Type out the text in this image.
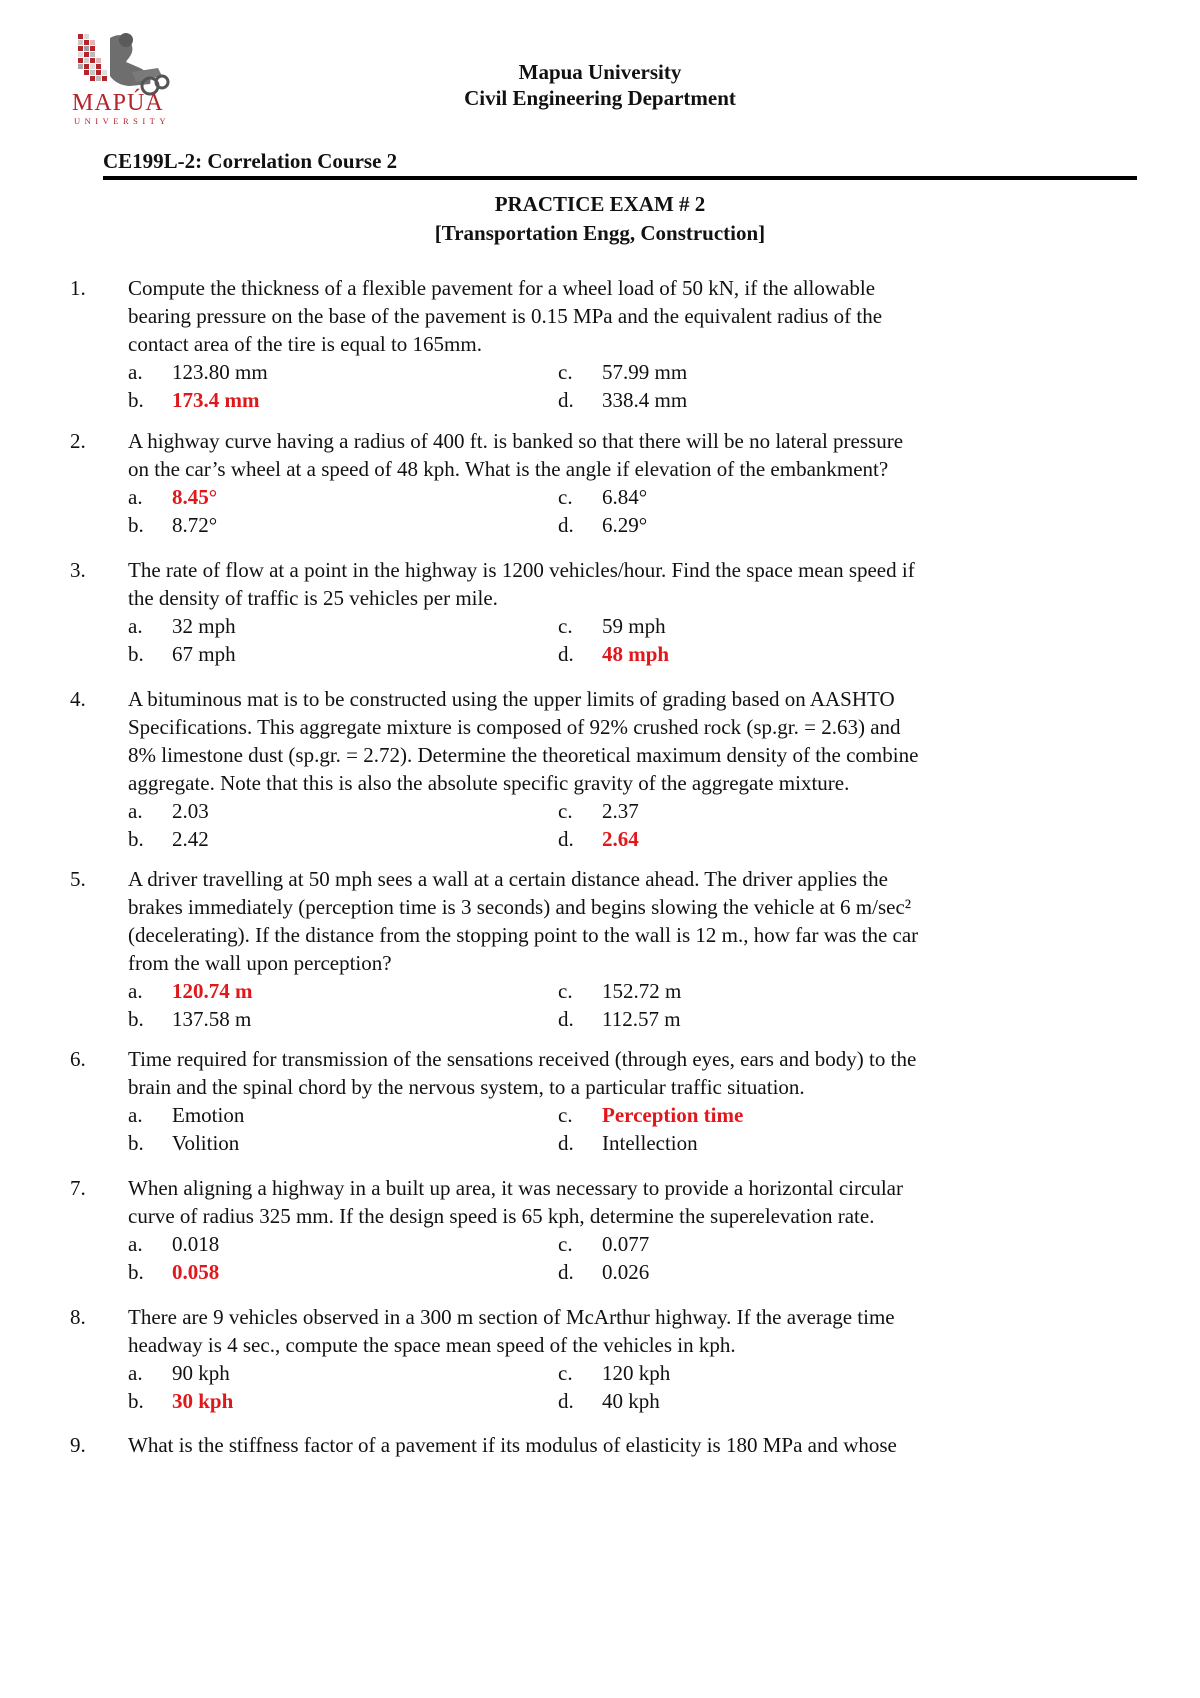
MAPÚA
UNIVERSITY
Mapua University
Civil Engineering Department
CE199L-2: Correlation Course 2
PRACTICE EXAM # 2
[Transportation Engg, Construction]
1. Compute the thickness of a flexible pavement for a wheel load of 50 kN, if the allowable
bearing pressure on the base of the pavement is 0.15 MPa and the equivalent radius of the
contact area of the tire is equal to 165mm.
a. 123.80 mm	c. 57.99 mm
b. 173.4 mm	d. 338.4 mm
2. A highway curve having a radius of 400 ft. is banked so that there will be no lateral pressure
on the car’s wheel at a speed of 48 kph. What is the angle if elevation of the embankment?
a. 8.45°	c. 6.84°
b. 8.72°	d. 6.29°
3. The rate of flow at a point in the highway is 1200 vehicles/hour. Find the space mean speed if
the density of traffic is 25 vehicles per mile.
a. 32 mph	c. 59 mph
b. 67 mph	d. 48 mph
4. A bituminous mat is to be constructed using the upper limits of grading based on AASHTO
Specifications. This aggregate mixture is composed of 92% crushed rock (sp.gr. = 2.63) and
8% limestone dust (sp.gr. = 2.72). Determine the theoretical maximum density of the combine
aggregate. Note that this is also the absolute specific gravity of the aggregate mixture.
a. 2.03	c. 2.37
b. 2.42	d. 2.64
5. A driver travelling at 50 mph sees a wall at a certain distance ahead. The driver applies the
brakes immediately (perception time is 3 seconds) and begins slowing the vehicle at 6 m/sec²
(decelerating). If the distance from the stopping point to the wall is 12 m., how far was the car
from the wall upon perception?
a. 120.74 m	c. 152.72 m
b. 137.58 m	d. 112.57 m
6. Time required for transmission of the sensations received (through eyes, ears and body) to the
brain and the spinal chord by the nervous system, to a particular traffic situation.
a. Emotion	c. Perception time
b. Volition	d. Intellection
7. When aligning a highway in a built up area, it was necessary to provide a horizontal circular
curve of radius 325 mm. If the design speed is 65 kph, determine the superelevation rate.
a. 0.018	c. 0.077
b. 0.058	d. 0.026
8. There are 9 vehicles observed in a 300 m section of McArthur highway. If the average time
headway is 4 sec., compute the space mean speed of the vehicles in kph.
a. 90 kph	c. 120 kph
b. 30 kph	d. 40 kph
9. What is the stiffness factor of a pavement if its modulus of elasticity is 180 MPa and whose
